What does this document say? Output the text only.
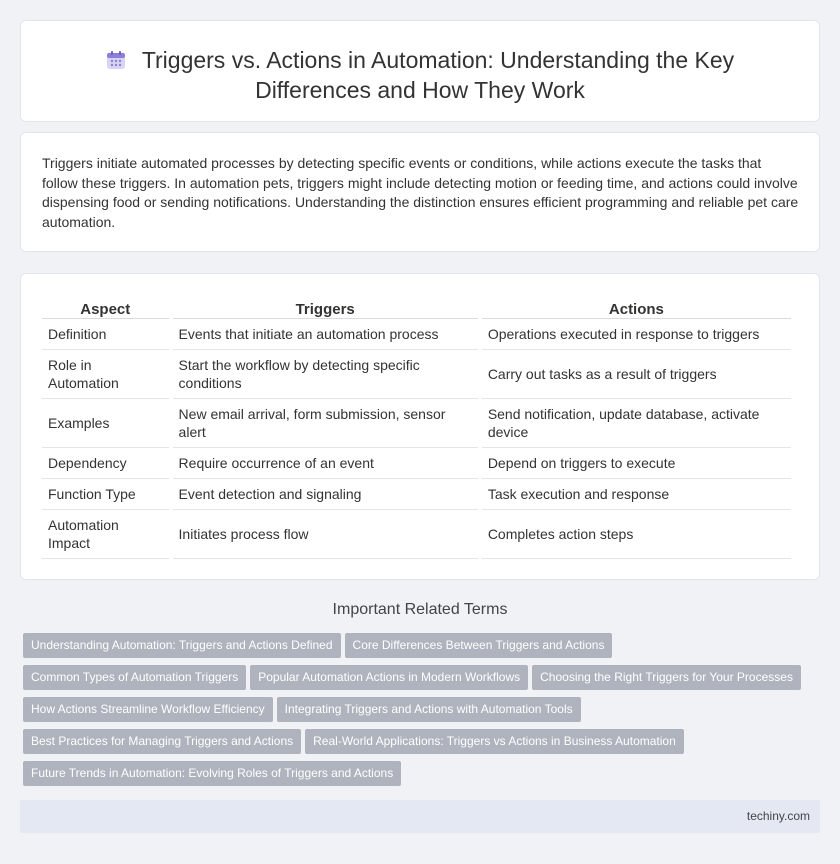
Triggers vs. Actions in Automation: Understanding the Key
Differences and How They Work

Triggers initiate automated processes by detecting specific events or conditions, while actions execute the tasks that follow these triggers. In automation pets, triggers might include detecting motion or feeding time, and actions could involve dispensing food or sending notifications. Understanding the distinction ensures efficient programming and reliable pet care automation.

Aspect	Triggers	Actions
Definition	Events that initiate an automation process	Operations executed in response to triggers
Role in Automation	Start the workflow by detecting specific conditions	Carry out tasks as a result of triggers
Examples	New email arrival, form submission, sensor alert	Send notification, update database, activate device
Dependency	Require occurrence of an event	Depend on triggers to execute
Function Type	Event detection and signaling	Task execution and response
Automation Impact	Initiates process flow	Completes action steps
Important Related Terms
Understanding Automation: Triggers and Actions Defined Core Differences Between Triggers and Actions
Common Types of Automation Triggers Popular Automation Actions in Modern Workflows Choosing the Right Triggers for Your Processes
How Actions Streamline Workflow Efficiency Integrating Triggers and Actions with Automation Tools
Best Practices for Managing Triggers and Actions Real-World Applications: Triggers vs Actions in Business Automation
Future Trends in Automation: Evolving Roles of Triggers and Actions
techiny.com
